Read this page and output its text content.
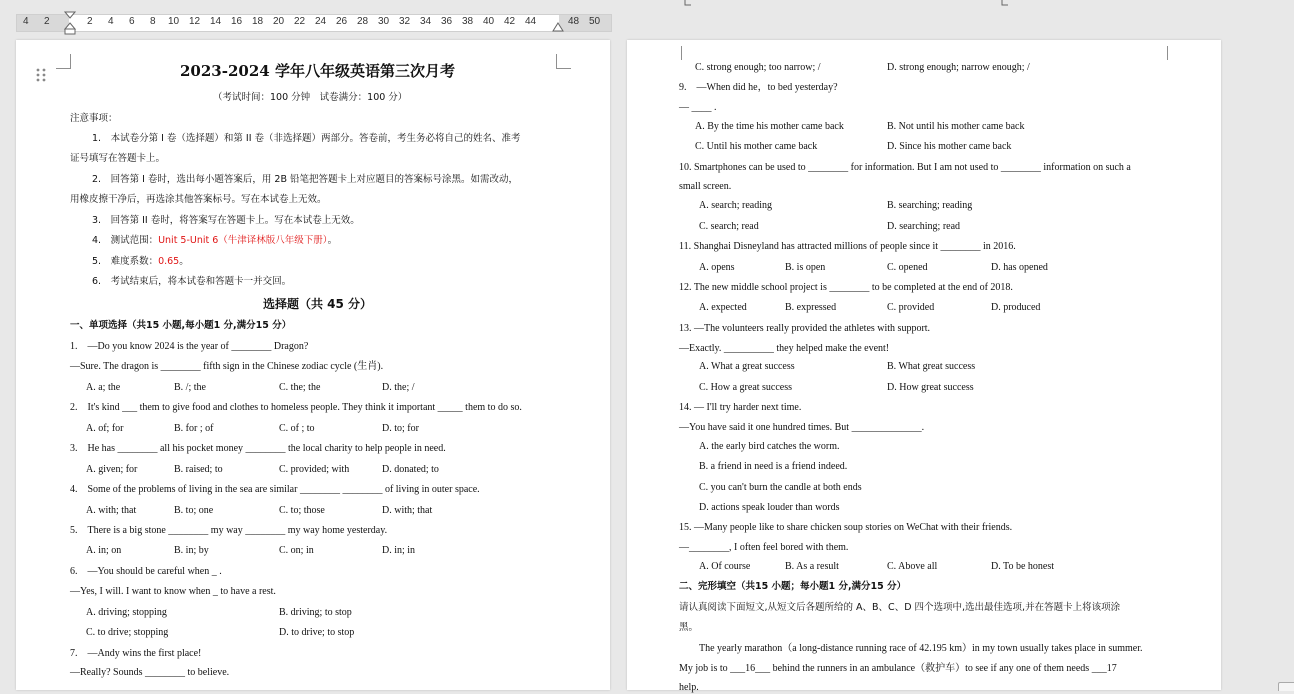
4 2	2 4 6 8 10 12 14 16 18 20 22 24 26 28 30 32 34 36 38 40 42 44	48 50
2023-2024 学年八年级英语第三次月考
（考试时间：100 分钟　试卷满分：100 分）
注意事项：
1.　本试卷分第 I 卷（选择题）和第 II 卷（非选择题）两部分。答卷前，考生务必将自己的姓名、准考
证号填写在答题卡上。
2.　回答第 I 卷时，选出每小题答案后，用 2B 铅笔把答题卡上对应题目的答案标号涂黑。如需改动，
用橡皮擦干净后，再选涂其他答案标号。写在本试卷上无效。
3.　回答第 II 卷时，将答案写在答题卡上。写在本试卷上无效。
4.　测试范围：Unit 5-Unit 6（牛津译林版八年级下册）。
5.　难度系数：0.65。
6.　考试结束后，将本试卷和答题卡一并交回。
选择题（共 45 分）
一、单项选择（共15 小题,每小题1 分,满分15 分）
1.　—Do you know 2024 is the year of ________ Dragon?
—Sure. The dragon is ________ fifth sign in the Chinese zodiac cycle (生肖).
A. a; the	B. /; the	C. the; the	D. the; /
2.　It's kind ___ them to give food and clothes to homeless people. They think it important _____ them to do so.
A. of; for	B. for ; of	C. of ; to	D. to; for
3.　He has ________ all his pocket money ________ the local charity to help people in need.
A. given; for	B. raised; to	C. provided; with	D. donated; to
4.　Some of the problems of living in the sea are similar ________ ________ of living in outer space.
A. with; that	B. to; one	C. to; those	D. with; that
5.　There is a big stone ________ my way ________ my way home yesterday.
A. in; on	B. in; by	C. on; in	D. in; in
6.　—You should be careful when _ .
—Yes, I will. I want to know when _ to have a rest.
A. driving; stopping	B. driving; to stop
C. to drive; stopping	D. to drive; to stop
7.　—Andy wins the first place!
—Really? Sounds ________ to believe.
C. strong enough; too narrow; /	D. strong enough; narrow enough; /
9.　—When did he，to bed yesterday?
— ____ .
A. By the time his mother came back	B. Not until his mother came back
C. Until his mother came back	D. Since his mother came back
10. Smartphones can be used to ________ for information. But I am not used to ________ information on such a
small screen.
A. search; reading	B. searching; reading
C. search; read	D. searching; read
11. Shanghai Disneyland has attracted millions of people since it ________ in 2016.
A. opens	B. is open	C. opened	D. has opened
12. The new middle school project is ________ to be completed at the end of 2018.
A. expected	B. expressed	C. provided	D. produced
13. —The volunteers really provided the athletes with support.
—Exactly. __________ they helped make the event!
A. What a great success	B. What great success
C. How a great success	D. How great success
14. — I'll try harder next time.
—You have said it one hundred times. But ______________.
A. the early bird catches the worm.
B. a friend in need is a friend indeed.
C. you can't burn the candle at both ends
D. actions speak louder than words
15. —Many people like to share chicken soup stories on WeChat with their friends.
—________, I often feel bored with them.
A. Of course	B. As a result	C. Above all	D. To be honest
二、完形填空（共15 小题；每小题1 分,满分15 分）
请认真阅读下面短文,从短文后各题所给的 A、B、C、D 四个选项中,选出最佳选项,并在答题卡上将该项涂
黑。
The yearly marathon（a long-distance running race of 42.195 km）in my town usually takes place in summer.
My job is to ___16___ behind the runners in an ambulance（救护车）to see if any one of them needs ___17
help.
